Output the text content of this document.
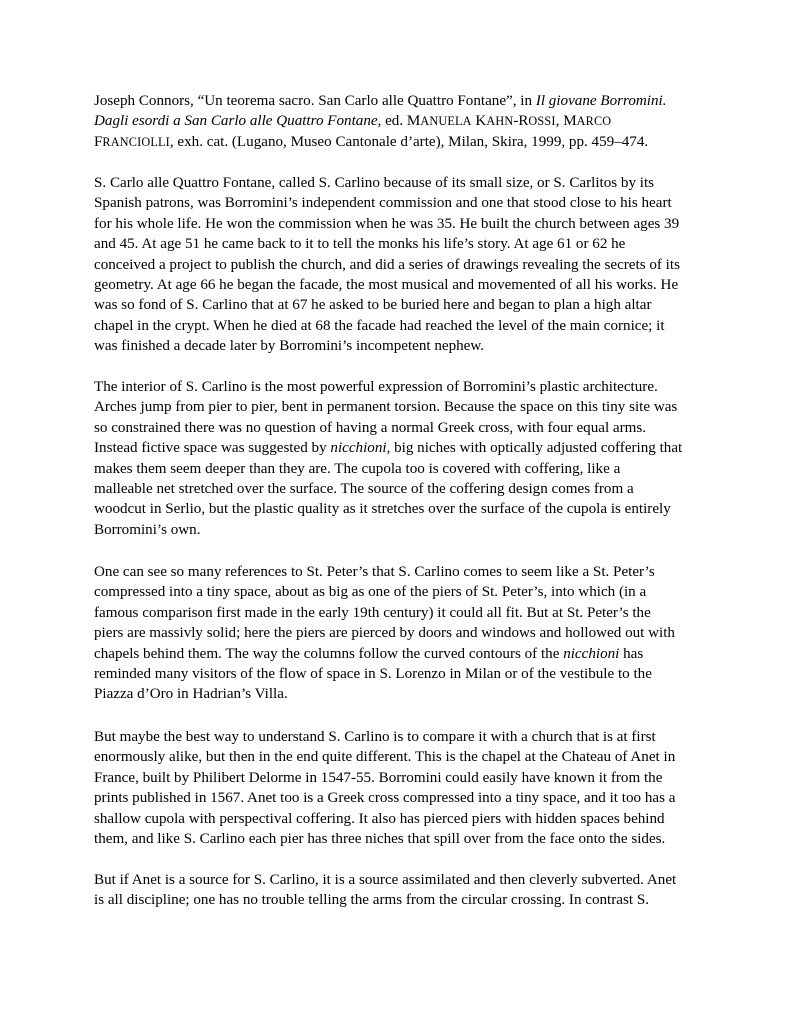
Joseph Connors, “Un teorema sacro. San Carlo alle Quattro Fontane”, in Il giovane Borromini.
Dagli esordi a San Carlo alle Quattro Fontane, ed. MANUELA KAHN-ROSSI, MARCO
FRANCIOLLI, exh. cat. (Lugano, Museo Cantonale d’arte), Milan, Skira, 1999, pp. 459–474.
S. Carlo alle Quattro Fontane, called S. Carlino because of its small size, or S. Carlitos by its
Spanish patrons, was Borromini’s independent commission and one that stood close to his heart
for his whole life. He won the commission when he was 35. He built the church between ages 39
and 45. At age 51 he came back to it to tell the monks his life’s story. At age 61 or 62 he
conceived a project to publish the church, and did a series of drawings revealing the secrets of its
geometry. At age 66 he began the facade, the most musical and movemented of all his works. He
was so fond of S. Carlino that at 67 he asked to be buried here and began to plan a high altar
chapel in the crypt. When he died at 68 the facade had reached the level of the main cornice; it
was finished a decade later by Borromini’s incompetent nephew.
The interior of S. Carlino is the most powerful expression of Borromini’s plastic architecture.
Arches jump from pier to pier, bent in permanent torsion. Because the space on this tiny site was
so constrained there was no question of having a normal Greek cross, with four equal arms.
Instead fictive space was suggested by nicchioni, big niches with optically adjusted coffering that
makes them seem deeper than they are. The cupola too is covered with coffering, like a
malleable net stretched over the surface. The source of the coffering design comes from a
woodcut in Serlio, but the plastic quality as it stretches over the surface of the cupola is entirely
Borromini’s own.
One can see so many references to St. Peter’s that S. Carlino comes to seem like a St. Peter’s
compressed into a tiny space, about as big as one of the piers of St. Peter’s, into which (in a
famous comparison first made in the early 19th century) it could all fit. But at St. Peter’s the
piers are massivly solid; here the piers are pierced by doors and windows and hollowed out with
chapels behind them. The way the columns follow the curved contours of the nicchioni has
reminded many visitors of the flow of space in S. Lorenzo in Milan or of the vestibule to the
Piazza d’Oro in Hadrian’s Villa.
But maybe the best way to understand S. Carlino is to compare it with a church that is at first
enormously alike, but then in the end quite different. This is the chapel at the Chateau of Anet in
France, built by Philibert Delorme in 1547-55. Borromini could easily have known it from the
prints published in 1567. Anet too is a Greek cross compressed into a tiny space, and it too has a
shallow cupola with perspectival coffering. It also has pierced piers with hidden spaces behind
them, and like S. Carlino each pier has three niches that spill over from the face onto the sides.
But if Anet is a source for S. Carlino, it is a source assimilated and then cleverly subverted. Anet
is all discipline; one has no trouble telling the arms from the circular crossing. In contrast S.
